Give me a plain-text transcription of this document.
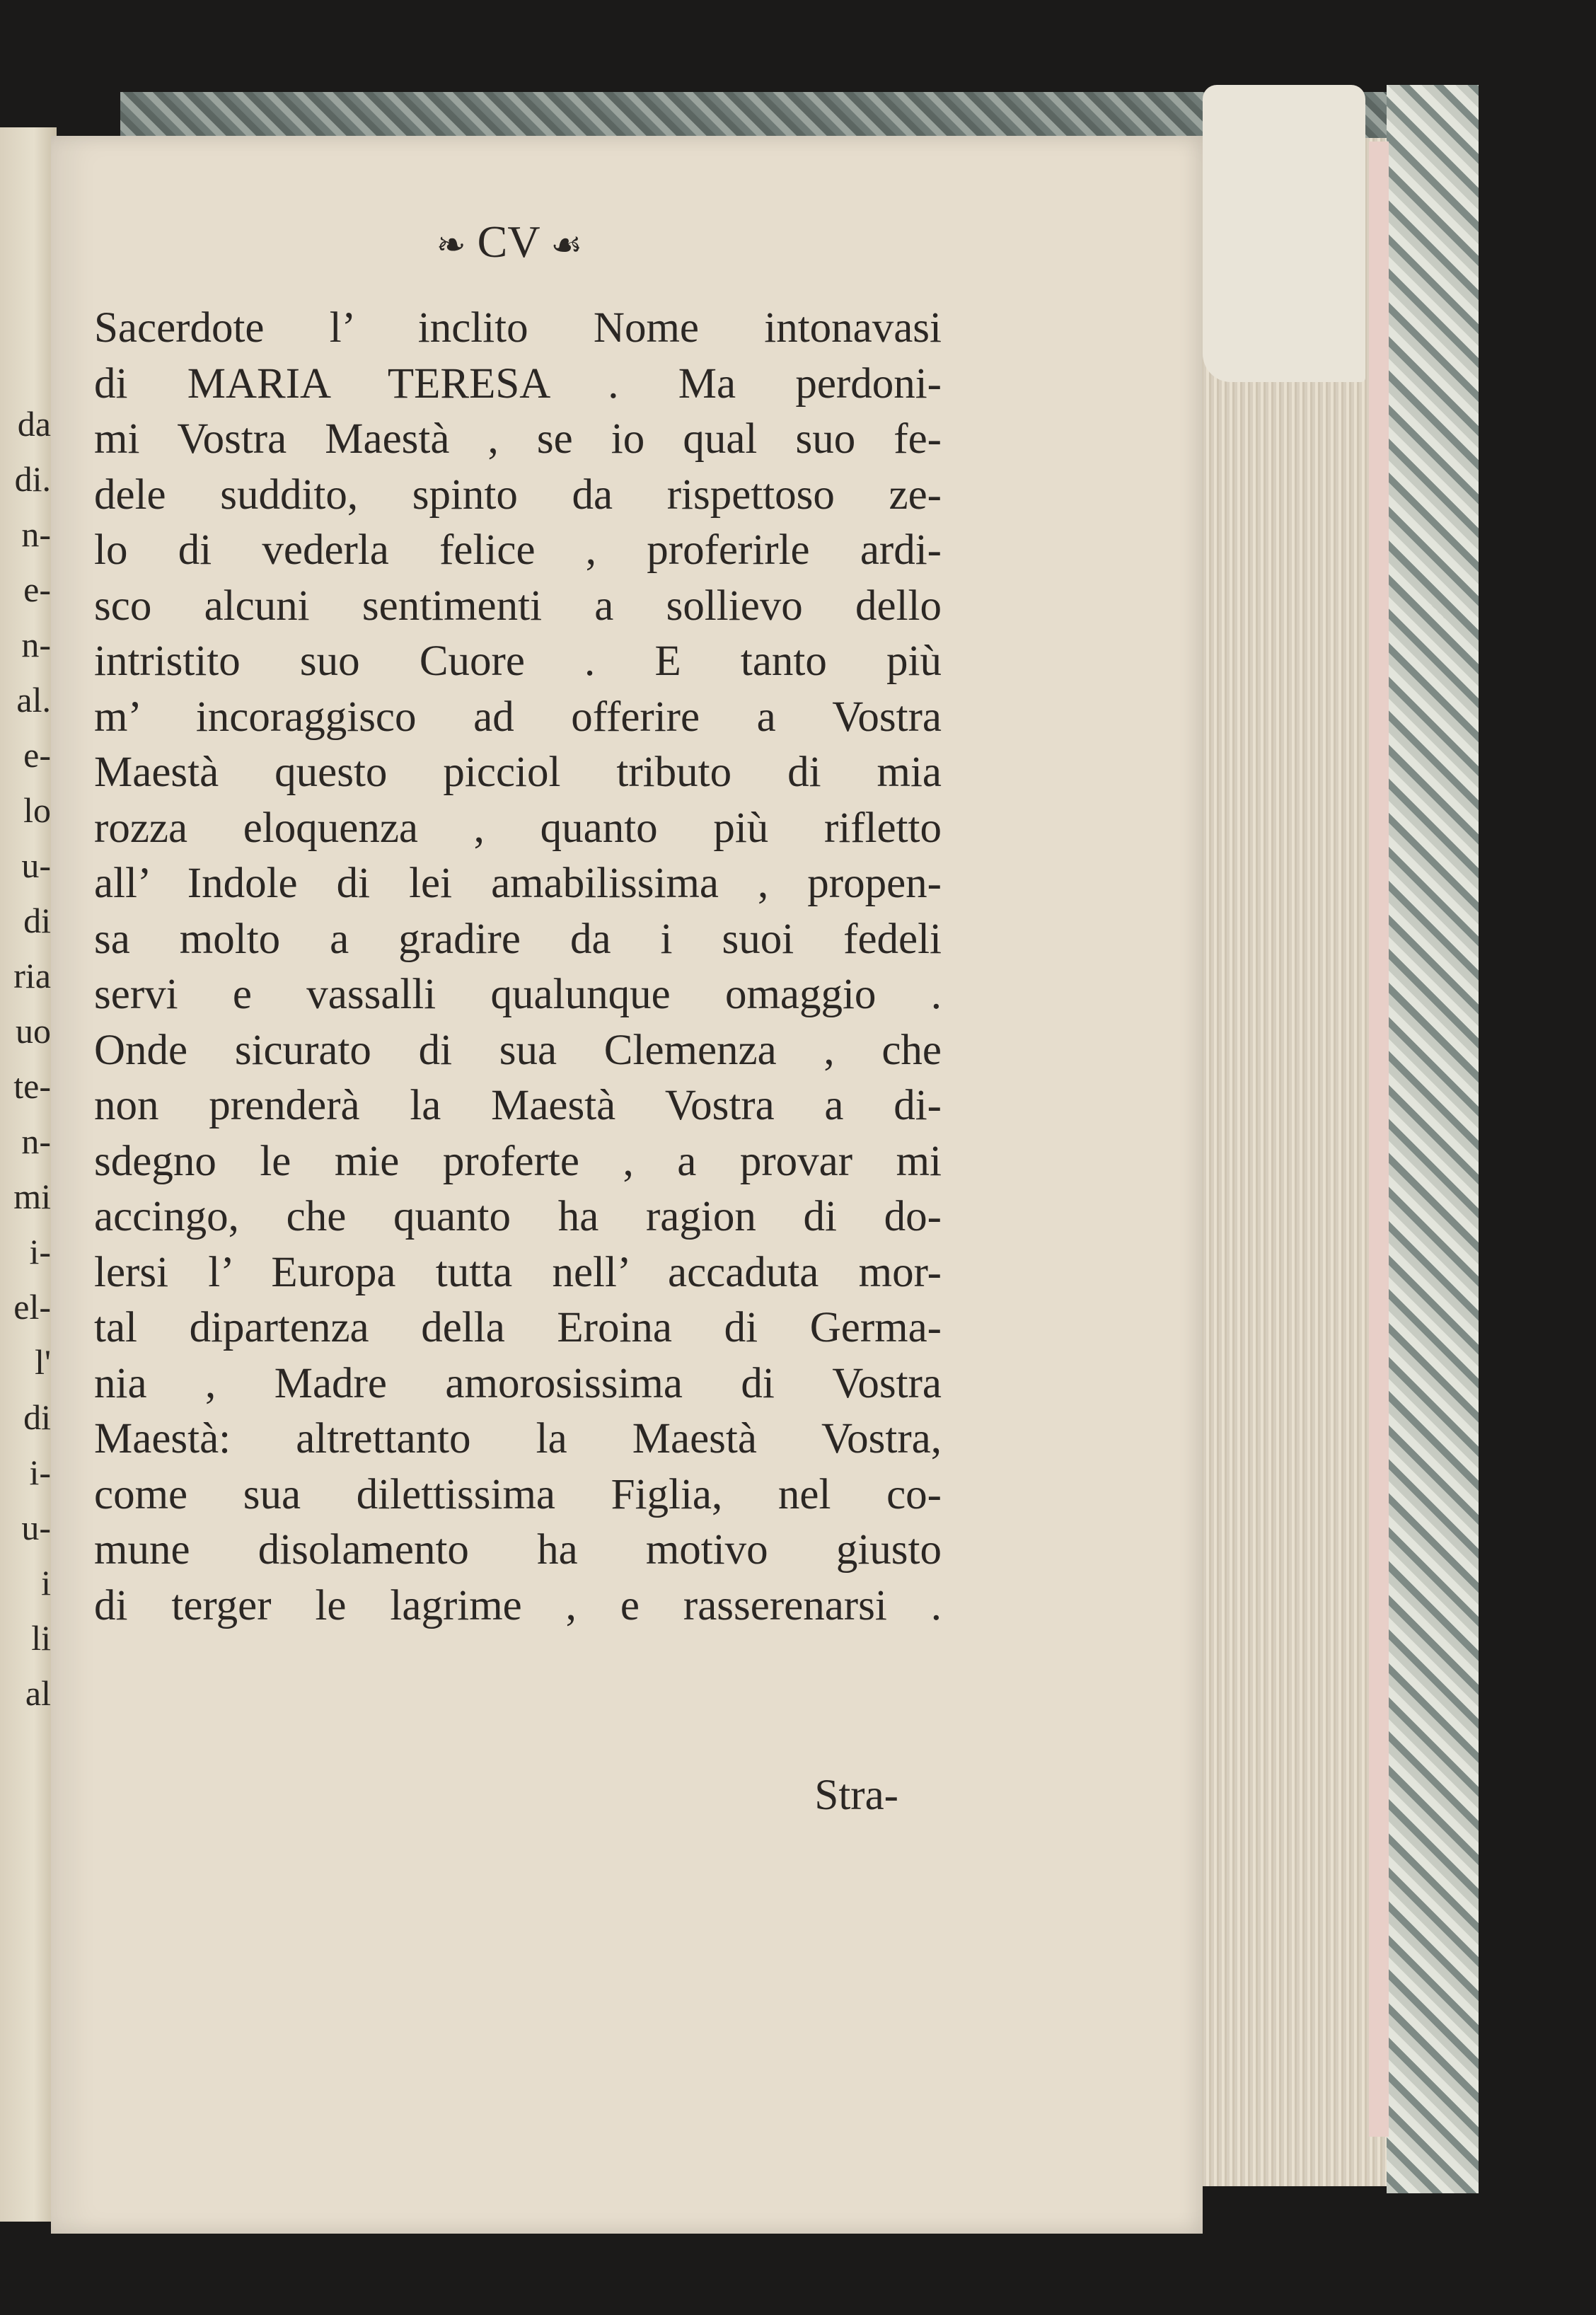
da
di.
n-
e-
n-
al.
e-
lo
u-
di
ria
uo
te-
n-
mi
i-
el-
l'
di
i-
u-
i
li
al
❧ CV ☙
Sacerdote l’ inclito Nome intonavasi
di MARIA TERESA . Ma perdoni-
mi Vostra Maestà , se io qual suo fe-
dele suddito, spinto da rispettoso ze-
lo di vederla felice , proferirle ardi-
sco alcuni sentimenti a sollievo dello
intristito suo Cuore . E tanto più
m’ incoraggisco ad offerire a Vostra
Maestà questo picciol tributo di mia
rozza eloquenza , quanto più rifletto
all’ Indole di lei amabilissima , propen-
sa molto a gradire da i suoi fedeli
servi e vassalli qualunque omaggio .
Onde sicurato di sua Clemenza , che
non prenderà la Maestà Vostra a di-
sdegno le mie proferte , a provar mi
accingo, che quanto ha ragion di do-
lersi l’ Europa tutta nell’ accaduta mor-
tal dipartenza della Eroina di Germa-
nia , Madre amorosissima di Vostra
Maestà: altrettanto la Maestà Vostra,
come sua dilettissima Figlia, nel co-
mune disolamento ha motivo giusto
di terger le lagrime , e rasserenarsi .
Stra-
